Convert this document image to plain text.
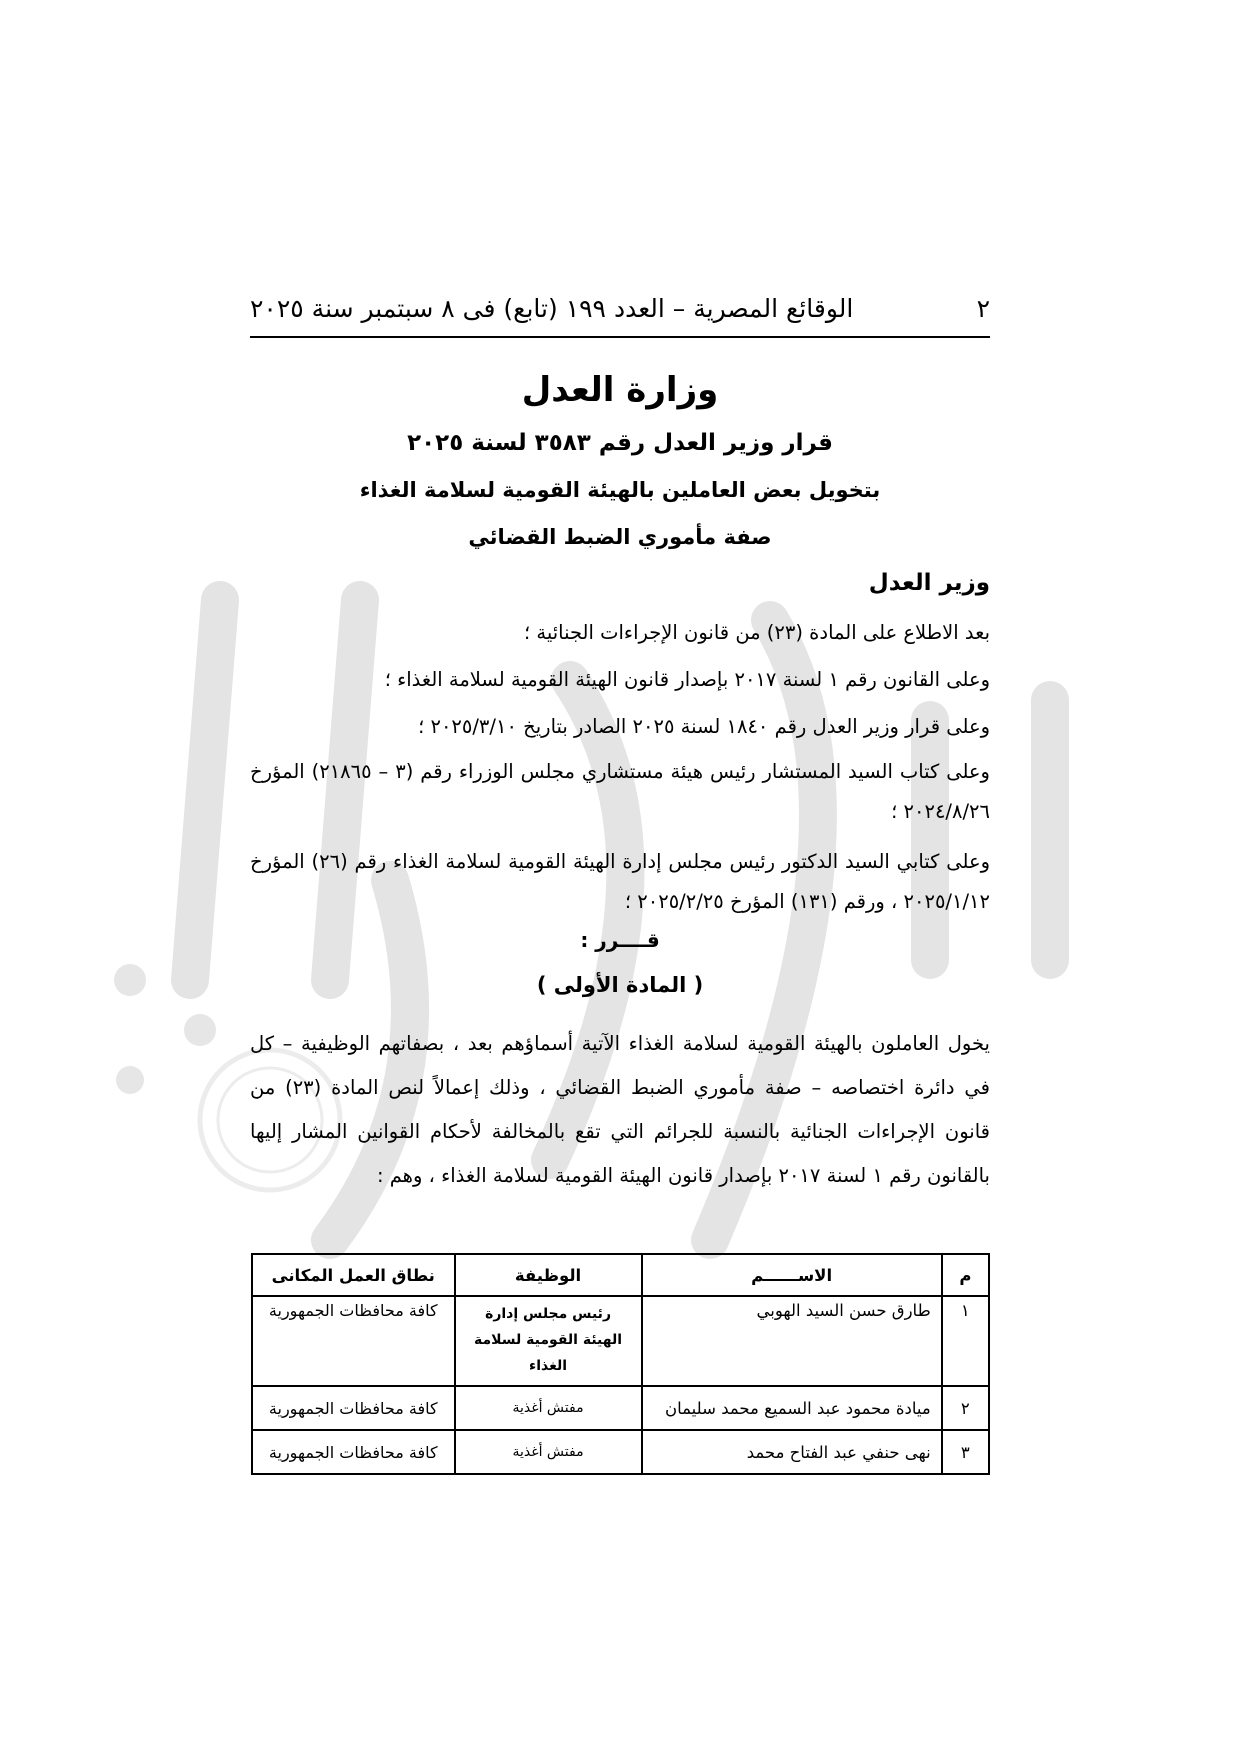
٢
الوقائع المصرية – العدد ١٩٩ (تابع) فى ٨ سبتمبر سنة ٢٠٢٥
وزارة العدل
قرار وزير العدل رقم ٣٥٨٣ لسنة ٢٠٢٥
بتخويل بعض العاملين بالهيئة القومية لسلامة الغذاء
صفة مأموري الضبط القضائي
وزير العدل
بعد الاطلاع على المادة (٢٣) من قانون الإجراءات الجنائية ؛
وعلى القانون رقم ١ لسنة ٢٠١٧ بإصدار قانون الهيئة القومية لسلامة الغذاء ؛
وعلى قرار وزير العدل رقم ١٨٤٠ لسنة ٢٠٢٥ الصادر بتاريخ ٢٠٢٥/٣/١٠ ؛
وعلى كتاب السيد المستشار رئيس هيئة مستشاري مجلس الوزراء رقم (٣ – ٢١٨٦٥) المؤرخ ٢٠٢٤/٨/٢٦ ؛
وعلى كتابي السيد الدكتور رئيس مجلس إدارة الهيئة القومية لسلامة الغذاء رقم (٢٦) المؤرخ ٢٠٢٥/١/١٢ ، ورقم (١٣١) المؤرخ ٢٠٢٥/٢/٢٥ ؛
قــــرر :
( المادة الأولى )
يخول العاملون بالهيئة القومية لسلامة الغذاء الآتية أسماؤهم بعد ، بصفاتهم الوظيفية – كل في دائرة اختصاصه – صفة مأموري الضبط القضائي ، وذلك إعمالاً لنص المادة (٢٣) من قانون الإجراءات الجنائية بالنسبة للجرائم التي تقع بالمخالفة لأحكام القوانين المشار إليها بالقانون رقم ١ لسنة ٢٠١٧ بإصدار قانون الهيئة القومية لسلامة الغذاء ، وهم :
م	الاســــــم	الوظيفة	نطاق العمل المكانى
١	طارق حسن السيد الهوبي	رئيس مجلس إدارة الهيئة القومية لسلامة الغذاء	كافة محافظات الجمهورية
٢	ميادة محمود عبد السميع محمد سليمان	مفتش أغذية	كافة محافظات الجمهورية
٣	نهى حنفي عبد الفتاح محمد	مفتش أغذية	كافة محافظات الجمهورية
